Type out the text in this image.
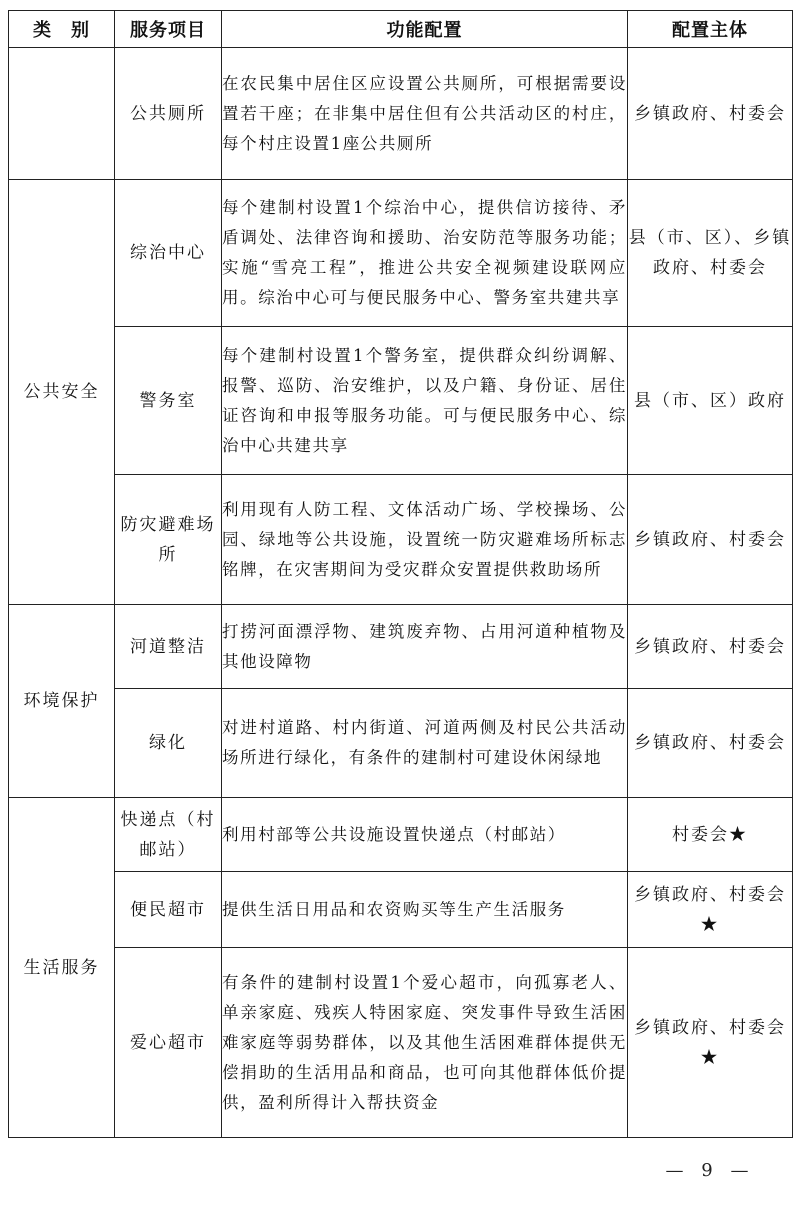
类　别	服务项目	功能配置	配置主体
	公共厕所	在农民集中居住区应设置公共厕所，可根据需要设置若干座；在非集中居住但有公共活动区的村庄，每个村庄设置1座公共厕所	乡镇政府、村委会
公共安全	综治中心	每个建制村设置1个综治中心，提供信访接待、矛盾调处、法律咨询和援助、治安防范等服务功能；实施“雪亮工程”，推进公共安全视频建设联网应用。综治中心可与便民服务中心、警务室共建共享	县（市、区）、乡镇政府、村委会
	警务室	每个建制村设置1个警务室，提供群众纠纷调解、报警、巡防、治安维护，以及户籍、身份证、居住证咨询和申报等服务功能。可与便民服务中心、综治中心共建共享	县（市、区）政府
	防灾避难场所	利用现有人防工程、文体活动广场、学校操场、公园、绿地等公共设施，设置统一防灾避难场所标志铭牌，在灾害期间为受灾群众安置提供救助场所	乡镇政府、村委会
环境保护	河道整洁	打捞河面漂浮物、建筑废弃物、占用河道种植物及其他设障物	乡镇政府、村委会
	绿化	对进村道路、村内街道、河道两侧及村民公共活动场所进行绿化，有条件的建制村可建设休闲绿地	乡镇政府、村委会
生活服务	快递点（村邮站）	利用村部等公共设施设置快递点（村邮站）	村委会★
	便民超市	提供生活日用品和农资购买等生产生活服务	乡镇政府、村委会★
	爱心超市	有条件的建制村设置1个爱心超市，向孤寡老人、单亲家庭、残疾人特困家庭、突发事件导致生活困难家庭等弱势群体，以及其他生活困难群体提供无偿捐助的生活用品和商品，也可向其他群体低价提供，盈利所得计入帮扶资金	乡镇政府、村委会★
— 9 —
